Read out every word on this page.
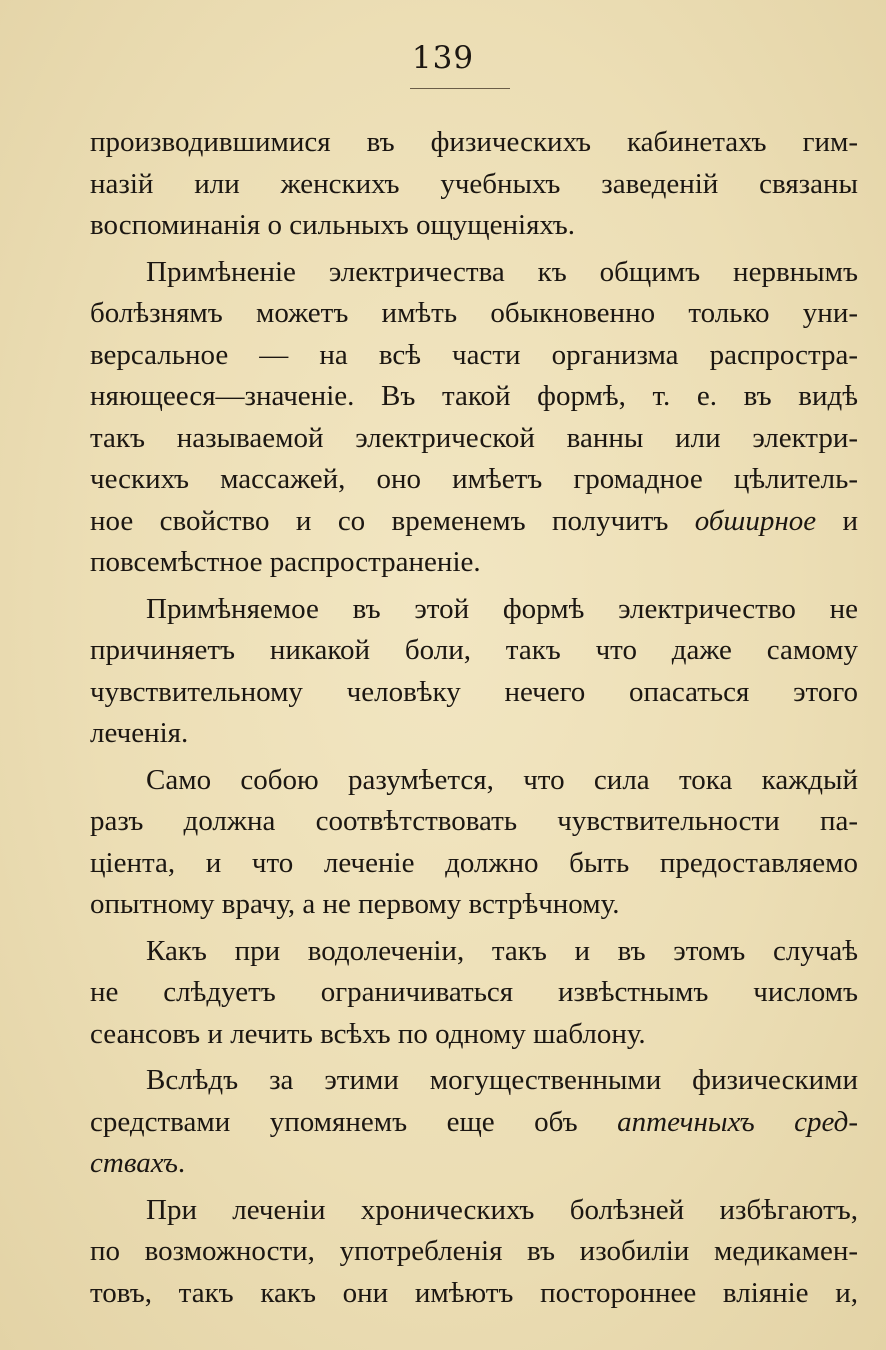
139
производившимися въ физическихъ кабинетахъ гим-
назій или женскихъ учебныхъ заведеній связаны
воспоминанія о сильныхъ ощущеніяхъ.
Примѣненіе электричества къ общимъ нервнымъ
болѣзнямъ можетъ имѣть обыкновенно только уни-
версальное — на всѣ части организма распростра-
няющееся—значеніе. Въ такой формѣ, т. е. въ видѣ
такъ называемой электрической ванны или электри-
ческихъ массажей, оно имѣетъ громадное цѣлитель-
ное свойство и со временемъ получитъ обширное и
повсемѣстное распространеніе.
Примѣняемое въ этой формѣ электричество не
причиняетъ никакой боли, такъ что даже самому
чувствительному человѣку нечего опасаться этого
леченія.
Само собою разумѣется, что сила тока каждый
разъ должна соотвѣтствовать чувствительности па-
ціента, и что леченіе должно быть предоставляемо
опытному врачу, а не первому встрѣчному.
Какъ при водолеченіи, такъ и въ этомъ случаѣ
не слѣдуетъ ограничиваться извѣстнымъ числомъ
сеансовъ и лечить всѣхъ по одному шаблону.
Вслѣдъ за этими могущественными физическими
средствами упомянемъ еще объ аптечныхъ сред-
ствахъ.
При леченіи хроническихъ болѣзней избѣгаютъ,
по возможности, употребленія въ изобиліи медикамен-
товъ, такъ какъ они имѣютъ постороннее вліяніе и,
